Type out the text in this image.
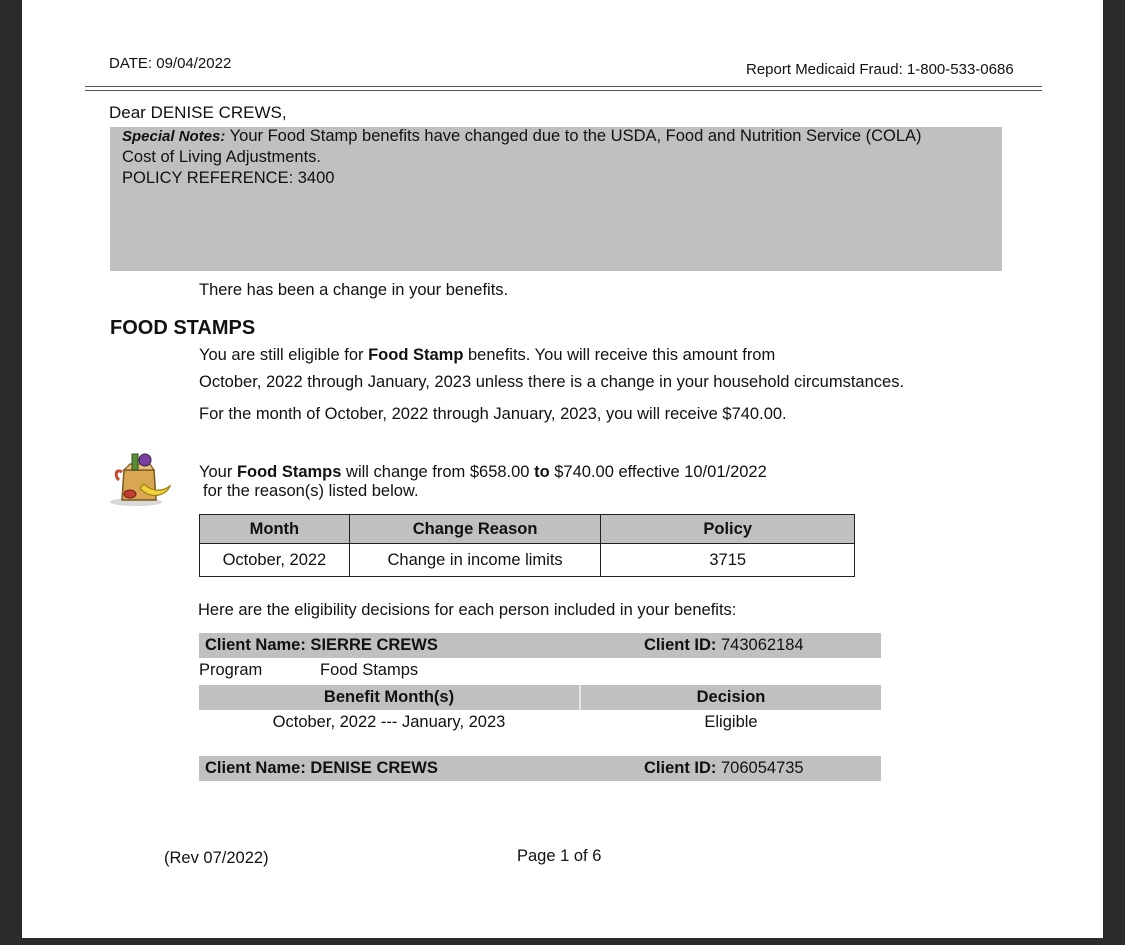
DATE: 09/04/2022	Report Medicaid Fraud: 1-800-533-0686
Dear DENISE CREWS,
Special Notes: Your Food Stamp benefits have changed due to the USDA, Food and Nutrition Service (COLA)
Cost of Living Adjustments.
POLICY REFERENCE: 3400
There has been a change in your benefits.
FOOD STAMPS
You are still eligible for Food Stamp benefits. You will receive this amount from
October, 2022 through January, 2023 unless there is a change in your household circumstances.
For the month of October, 2022 through January, 2023, you will receive $740.00.
Your Food Stamps will change from $658.00 to $740.00 effective 10/01/2022
for the reason(s) listed below.
Month	Change Reason	Policy
October, 2022	Change in income limits	3715
Here are the eligibility decisions for each person included in your benefits:
Client Name: SIERRE CREWS	Client ID: 743062184
Program	Food Stamps
Benefit Month(s)	Decision
October, 2022 --- January, 2023	Eligible
Client Name: DENISE CREWS	Client ID: 706054735
(Rev 07/2022)	Page 1 of 6
